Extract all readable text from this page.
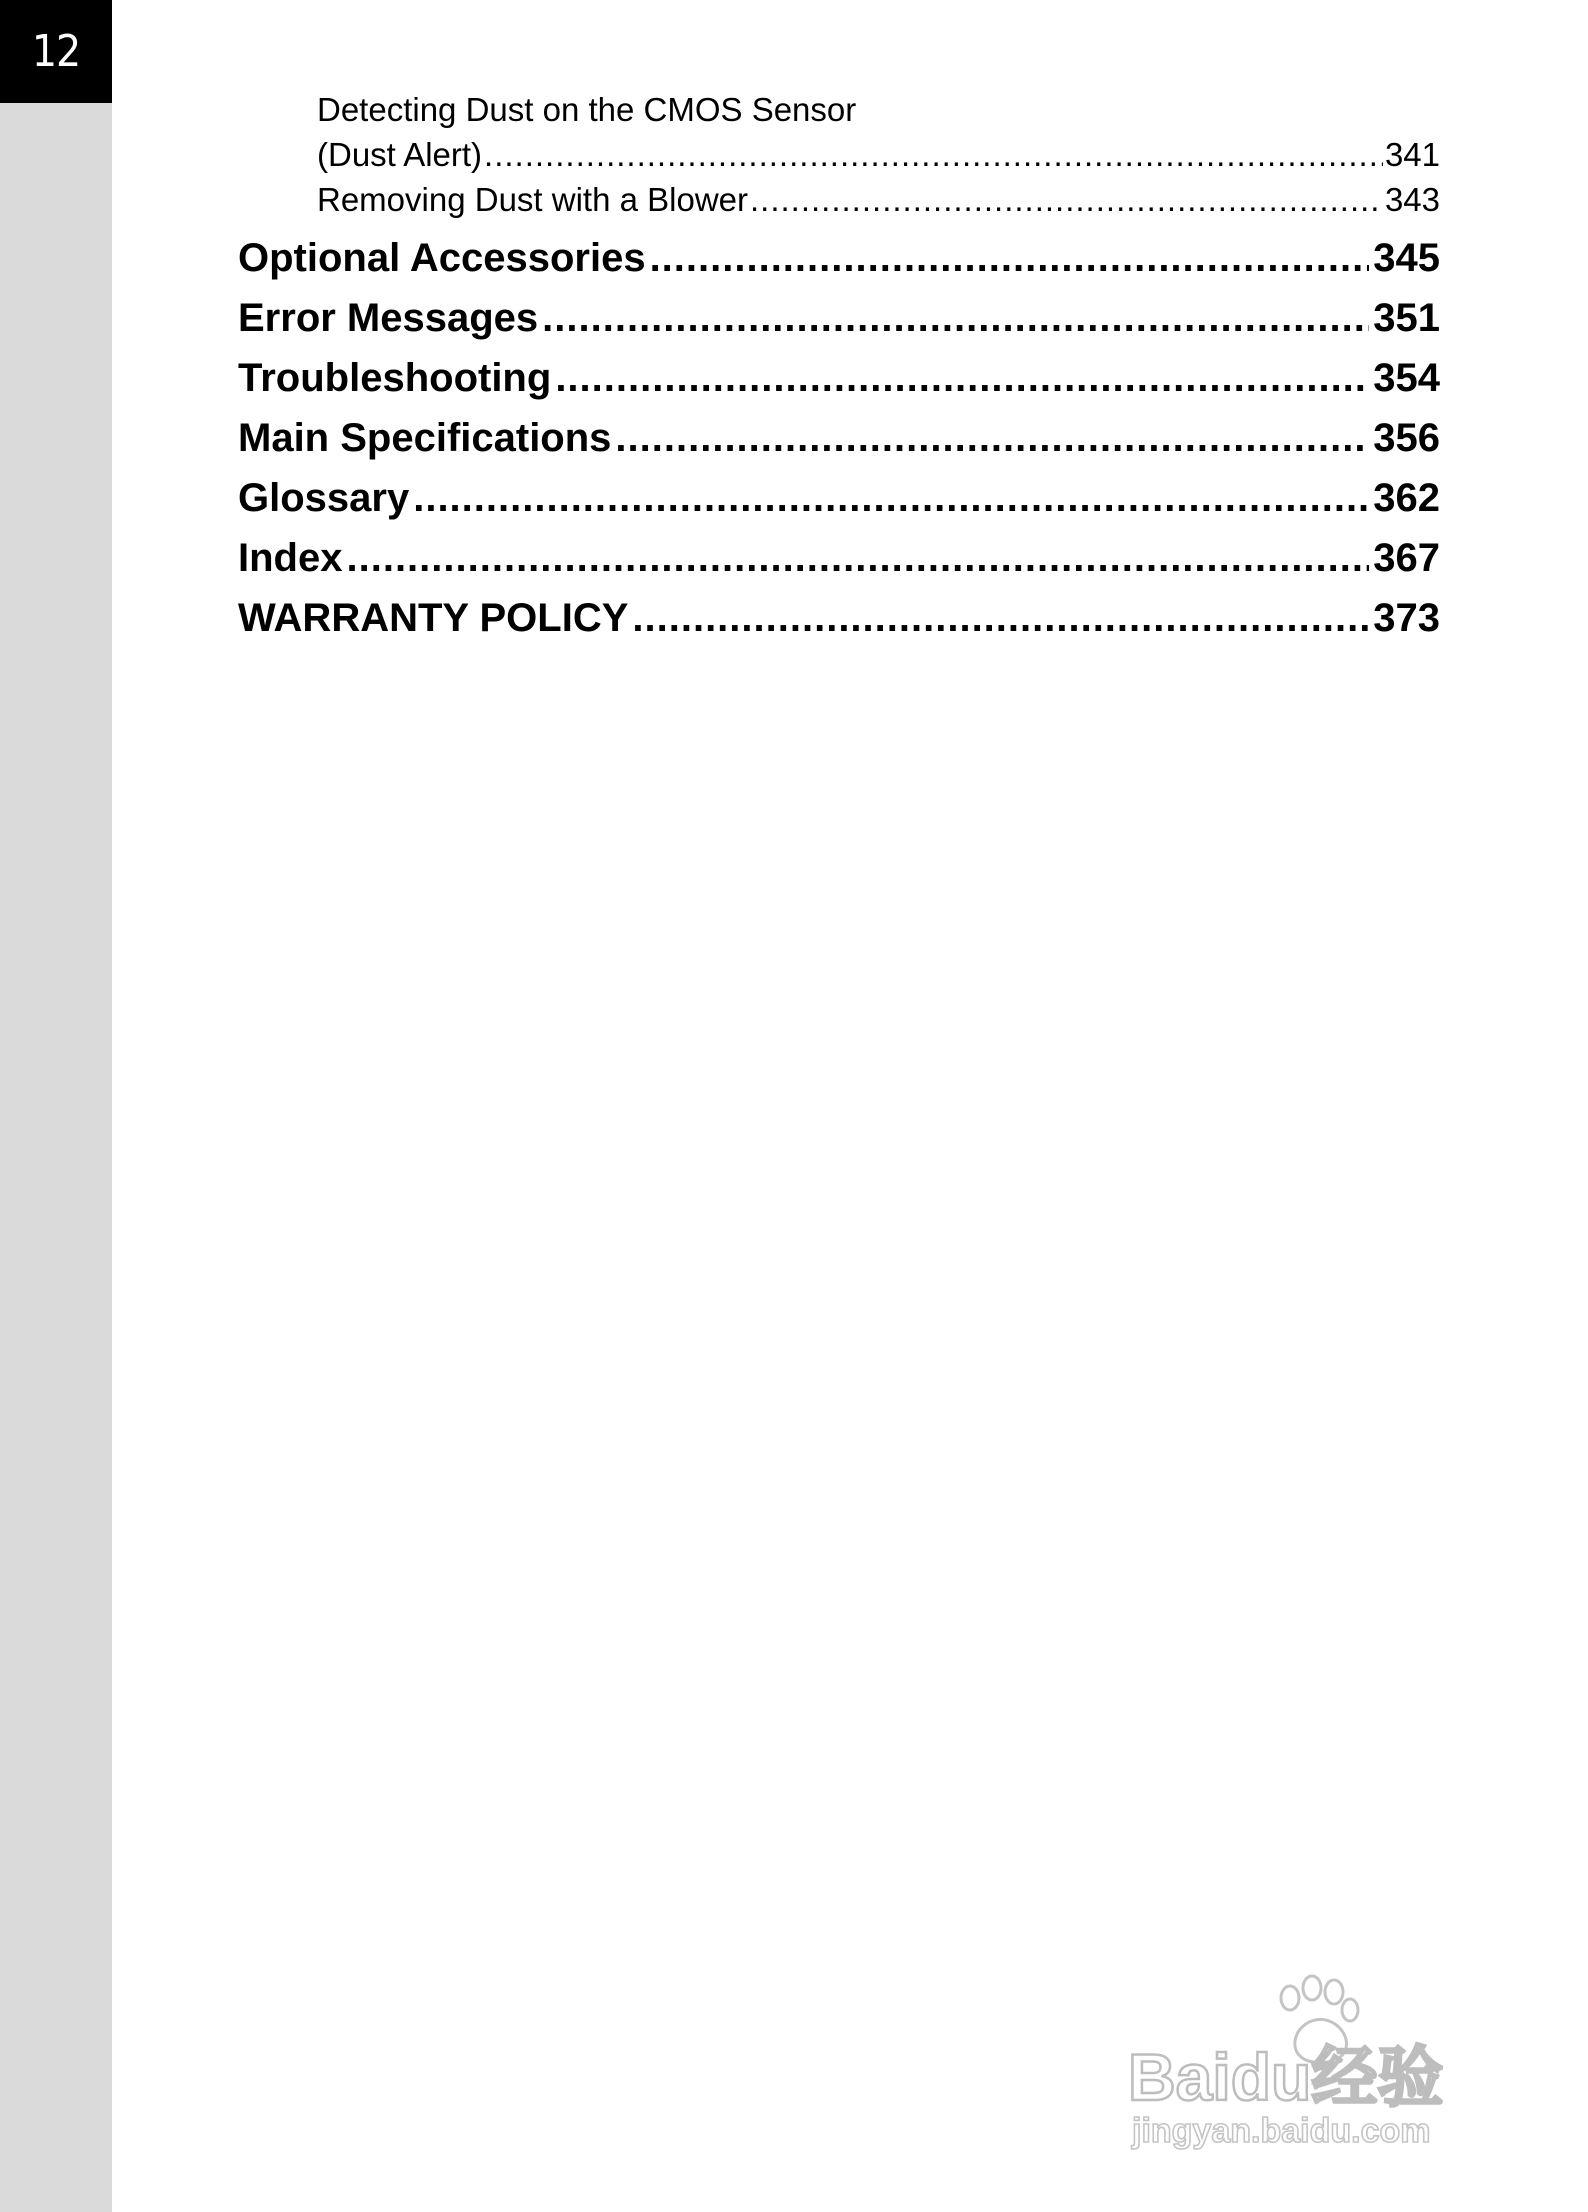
12
Detecting Dust on the CMOS Sensor
(Dust Alert) .....	341
Removing Dust with a Blower .....	343
Optional Accessories .....	345
Error Messages .....	351
Troubleshooting .....	354
Main Specifications .....	356
Glossary .....	362
Index .....	367
WARRANTY POLICY .....	373
Baidu经验
jingyan.baidu.com
